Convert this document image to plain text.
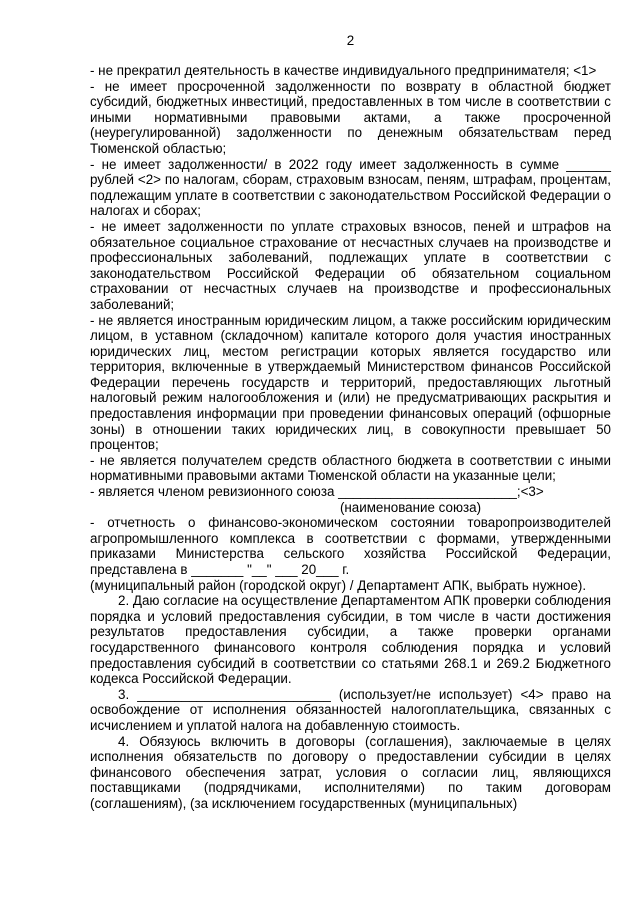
2

- не прекратил деятельность в качестве индивидуального предпринимателя; <1>

- не имеет просроченной задолженности по возврату в областной бюджет субсидий, бюджетных инвестиций, предоставленных в том числе в соответствии с иными нормативными правовыми актами, а также просроченной (неурегулированной) задолженности по денежным обязательствам перед Тюменской областью;

- не имеет задолженности/ в 2022 году имеет задолженность в сумме ______ рублей <2> по налогам, сборам, страховым взносам, пеням, штрафам, процентам, подлежащим уплате в соответствии с законодательством Российской Федерации о налогах и сборах;

- не имеет задолженности по уплате страховых взносов, пеней и штрафов на обязательное социальное страхование от несчастных случаев на производстве и профессиональных заболеваний, подлежащих уплате в соответствии с законодательством Российской Федерации об обязательном социальном страховании от несчастных случаев на производстве и профессиональных заболеваний;

- не является иностранным юридическим лицом, а также российским юридическим лицом, в уставном (складочном) капитале которого доля участия иностранных юридических лиц, местом регистрации которых является государство или территория, включенные в утверждаемый Министерством финансов Российской Федерации перечень государств и территорий, предоставляющих льготный налоговый режим налогообложения и (или) не предусматривающих раскрытия и предоставления информации при проведении финансовых операций (офшорные зоны) в отношении таких юридических лиц, в совокупности превышает 50 процентов;

- не является получателем средств областного бюджета в соответствии с иными нормативными правовыми актами Тюменской области на указанные цели;

- является членом ревизионного союза ________________________;<3>

(наименование союза)

- отчетность о финансово-экономическом состоянии товаропроизводителей агропромышленного комплекса в соответствии с формами, утвержденными приказами Министерства сельского хозяйства Российской Федерации, представлена в _______ "__" ___ 20___ г.

(муниципальный район (городской округ) / Департамент АПК, выбрать нужное).

2. Даю согласие на осуществление Департаментом АПК проверки соблюдения порядка и условий предоставления субсидии, в том числе в части достижения результатов предоставления субсидии, а также проверки органами государственного финансового контроля соблюдения порядка и условий предоставления субсидий в соответствии со статьями 268.1 и 269.2 Бюджетного кодекса Российской Федерации.

3. __________________________ (использует/не использует) <4> право на освобождение от исполнения обязанностей налогоплательщика, связанных с исчислением и уплатой налога на добавленную стоимость.

4. Обязуюсь включить в договоры (соглашения), заключаемые в целях исполнения обязательств по договору о предоставлении субсидии в целях финансового обеспечения затрат, условия о согласии лиц, являющихся поставщиками (подрядчиками, исполнителями) по таким договорам (соглашениям), (за исключением государственных (муниципальных)
